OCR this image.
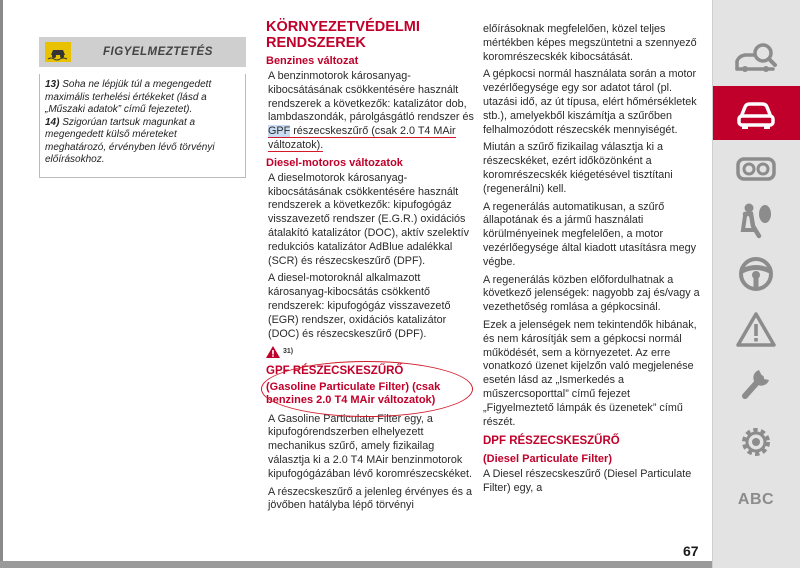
FIGYELMEZTETÉS

13) Soha ne lépjük túl a megengedett maximális terhelési értékeket (lásd a „Műszaki adatok” című fejezetet).

14) Szigorúan tartsuk magunkat a megengedett külső méreteket meghatározó, érvényben lévő törvényi előírásokhoz.

KÖRNYEZETVÉDELMI RENDSZEREK
Benzines változat

A benzinmotorok károsanyag-kibocsátásának csökkentésére használt rendszerek a következők: katalizátor dob, lambdaszondák, párolgásgátló rendszer és GPF részecskeszűrő (csak 2.0 T4 MAir változatok).

Diesel-motoros változatok

A dieselmotorok károsanyag-kibocsátásának csökkentésére használt rendszerek a következők: kipufogógáz visszavezető rendszer (E.G.R.) oxidációs átalakító katalizátor (DOC), aktív szelektív redukciós katalizátor AdBlue adalékkal (SCR) és részecskeszűrő (DPF).

A diesel-motoroknál alkalmazott károsanyag-kibocsátás csökkentő rendszerek: kipufogógáz visszavezető (EGR) rendszer, oxidációs katalizátor (DOC) és részecskeszűrő (DPF).

31)
GPF RÉSZECSKESZŰRŐ
(Gasoline Particulate Filter) (csak benzines 2.0 T4 MAir változatok)

A Gasoline Particulate Filter egy, a kipufogórendszerben elhelyezett mechanikus szűrő, amely fizikailag választja ki a 2.0 T4 MAir benzinmotorok kipufogógázában lévő koromrészecskéket.

A részecskeszűrő a jelenleg érvényes és a jövőben hatályba lépő törvényi

előírásoknak megfelelően, közel teljes mértékben képes megszüntetni a szennyező koromrészecskék kibocsátását.

A gépkocsi normál használata során a motor vezérlőegysége egy sor adatot tárol (pl. utazási idő, az út típusa, elért hőmérsékletek stb.), amelyekből kiszámítja a szűrőben felhalmozódott részecskék mennyiségét.

Miután a szűrő fizikailag választja ki a részecskéket, ezért időközönként a koromrészecskék kiégetésével tisztítani (regenerálni) kell.

A regenerálás automatikusan, a szűrő állapotának és a jármű használati körülményeinek megfelelően, a motor vezérlőegysége által kiadott utasításra megy végbe.

A regenerálás közben előfordulhatnak a következő jelenségek: nagyobb zaj és/vagy a vezethetőség romlása a gépkocsinál.

Ezek a jelenségek nem tekintendők hibának, és nem károsítják sem a gépkocsi normál működését, sem a környezetet. Az erre vonatkozó üzenet kijelzőn való megjelenése esetén lásd az „Ismerkedés a műszercsoporttal” című fejezet „Figyelmeztető lámpák és üzenetek” című részét.

DPF RÉSZECSKESZŰRŐ
(Diesel Particulate Filter)

A Diesel részecskeszűrő (Diesel Particulate Filter) egy, a

67
ABC
